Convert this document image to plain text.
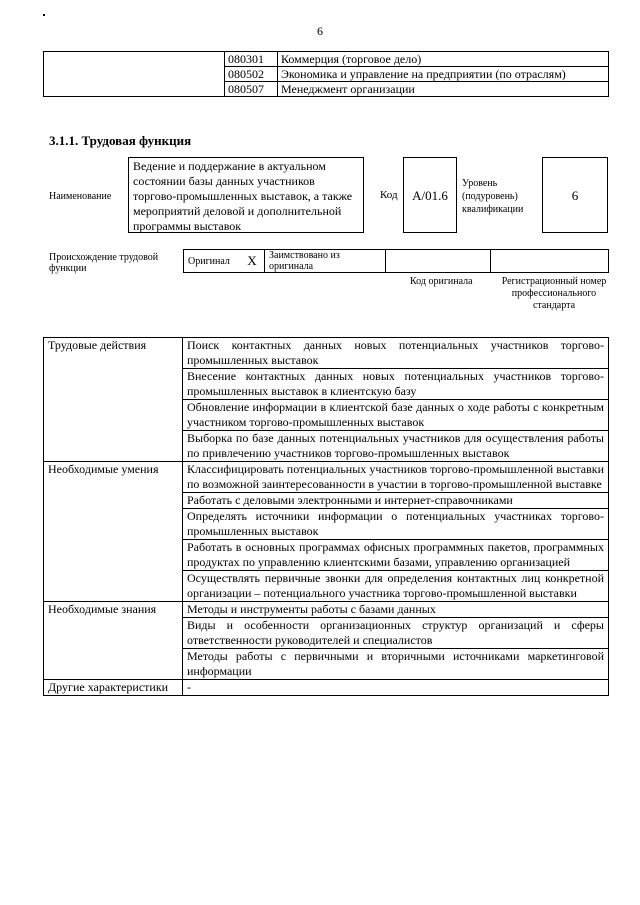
6
	080301	Коммерция (торговое дело)
	080502	Экономика и управление на предприятии (по отраслям)
	080507	Менеджмент организации
3.1.1. Трудовая функция
Наименование
Ведение и поддержание в актуальном состоянии базы данных участников торгово-промышленных выставок, а также мероприятий деловой и дополнительной программы выставок
Код	А/01.6
Уровень (подуровень) квалификации
6
Происхождение трудовой функции
Оригинал	X	Заимствовано из оригинала		
Код оригинала	Регистрационный номер профессионального стандарта
Трудовые действия	Поиск контактных данных новых потенциальных участников торгово-промышленных выставок
	Внесение контактных данных новых потенциальных участников торгово-промышленных выставок в клиентскую базу
	Обновление информации в клиентской базе данных о ходе работы с конкретным участником торгово-промышленных выставок
	Выборка по базе данных потенциальных участников для осуществления работы по привлечению участников торгово-промышленных выставок
Необходимые умения	Классифицировать потенциальных участников торгово-промышленной выставки по возможной заинтересованности в участии в торгово-промышленной выставке
	Работать с деловыми электронными и интернет-справочниками
	Определять источники информации о потенциальных участниках торгово-промышленных выставок
	Работать в основных программах офисных программных пакетов, программных продуктах по управлению клиентскими базами, управлению организацией
	Осуществлять первичные звонки для определения контактных лиц конкретной организации – потенциального участника торгово-промышленной выставки
Необходимые знания	Методы и инструменты работы с базами данных
	Виды и особенности организационных структур организаций и сферы ответственности руководителей и специалистов
	Методы работы с первичными и вторичными источниками маркетинговой информации
Другие характеристики	-
